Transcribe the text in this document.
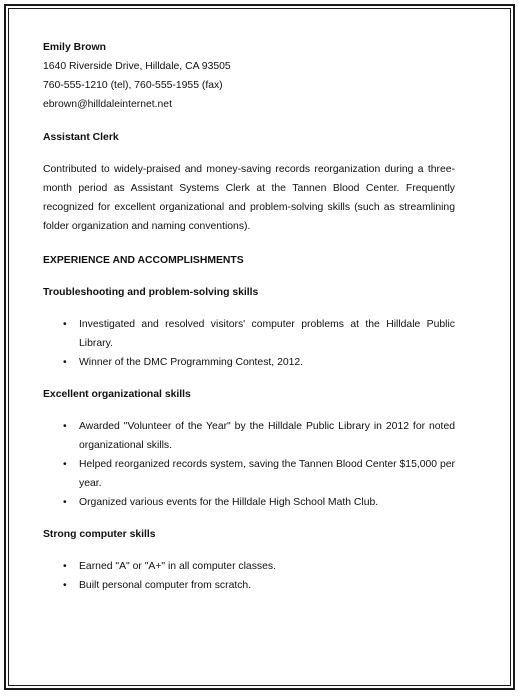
Emily Brown
1640 Riverside Drive, Hilldale, CA 93505
760-555-1210 (tel), 760-555-1955 (fax)
ebrown@hilldaleinternet.net
Assistant Clerk

Contributed to widely-praised and money-saving records reorganization during a three-month period as Assistant Systems Clerk at the Tannen Blood Center. Frequently recognized for excellent organizational and problem-solving skills (such as streamlining folder organization and naming conventions).

EXPERIENCE AND ACCOMPLISHMENTS
Troubleshooting and problem-solving skills
• Investigated and resolved visitors' computer problems at the Hilldale Public Library.
• Winner of the DMC Programming Contest, 2012.
Excellent organizational skills
• Awarded "Volunteer of the Year" by the Hilldale Public Library in 2012 for noted organizational skills.
• Helped reorganized records system, saving the Tannen Blood Center $15,000 per year.
• Organized various events for the Hilldale High School Math Club.
Strong computer skills
• Earned "A" or "A+" in all computer classes.
• Built personal computer from scratch.
